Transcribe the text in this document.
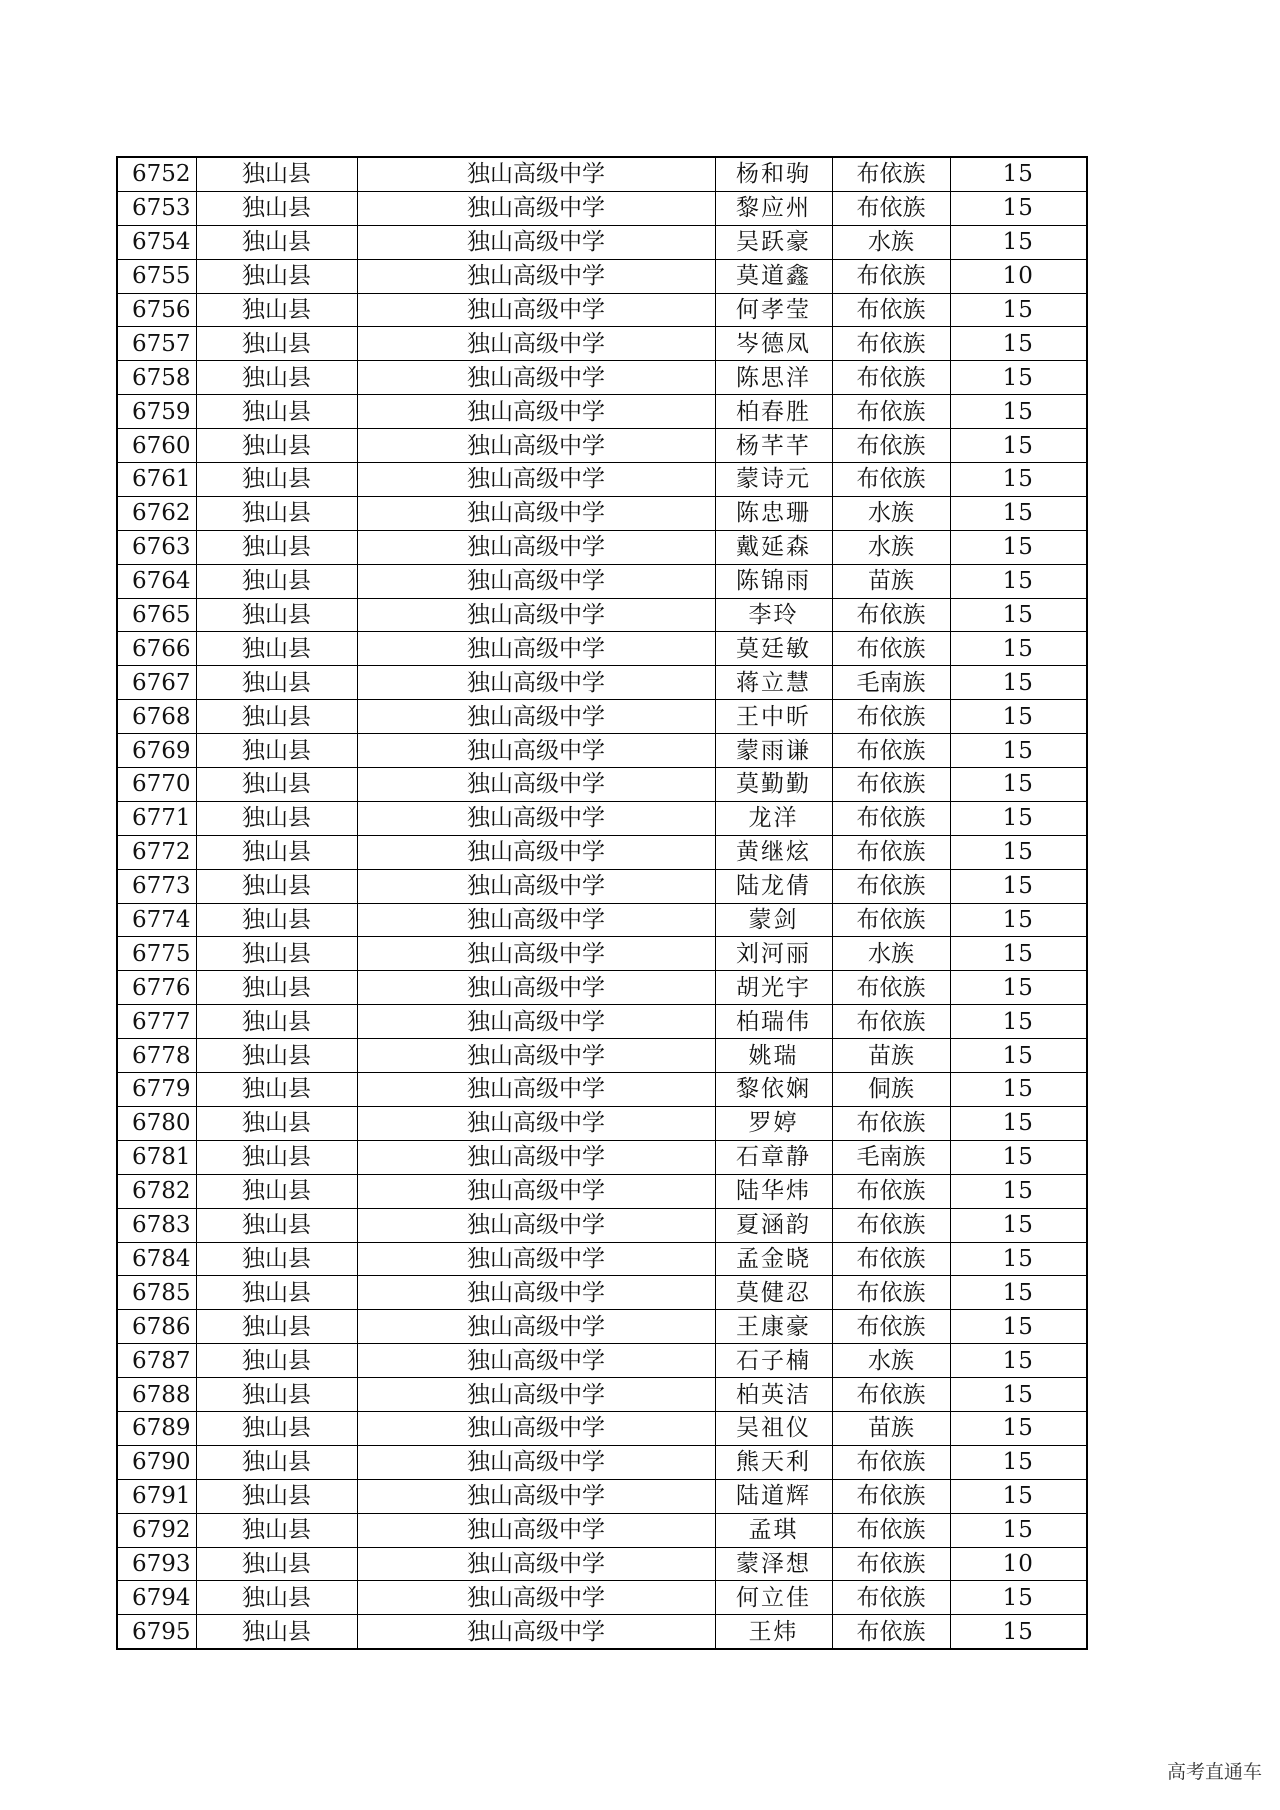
6752	独山县	独山高级中学	杨和驹	布依族	15
6753	独山县	独山高级中学	黎应州	布依族	15
6754	独山县	独山高级中学	吴跃豪	水族	15
6755	独山县	独山高级中学	莫道鑫	布依族	10
6756	独山县	独山高级中学	何孝莹	布依族	15
6757	独山县	独山高级中学	岑德凤	布依族	15
6758	独山县	独山高级中学	陈思洋	布依族	15
6759	独山县	独山高级中学	柏春胜	布依族	15
6760	独山县	独山高级中学	杨芊芊	布依族	15
6761	独山县	独山高级中学	蒙诗元	布依族	15
6762	独山县	独山高级中学	陈忠珊	水族	15
6763	独山县	独山高级中学	戴延森	水族	15
6764	独山县	独山高级中学	陈锦雨	苗族	15
6765	独山县	独山高级中学	李玲	布依族	15
6766	独山县	独山高级中学	莫廷敏	布依族	15
6767	独山县	独山高级中学	蒋立慧	毛南族	15
6768	独山县	独山高级中学	王中昕	布依族	15
6769	独山县	独山高级中学	蒙雨谦	布依族	15
6770	独山县	独山高级中学	莫勤勤	布依族	15
6771	独山县	独山高级中学	龙洋	布依族	15
6772	独山县	独山高级中学	黄继炫	布依族	15
6773	独山县	独山高级中学	陆龙倩	布依族	15
6774	独山县	独山高级中学	蒙剑	布依族	15
6775	独山县	独山高级中学	刘河丽	水族	15
6776	独山县	独山高级中学	胡光宇	布依族	15
6777	独山县	独山高级中学	柏瑞伟	布依族	15
6778	独山县	独山高级中学	姚瑞	苗族	15
6779	独山县	独山高级中学	黎依娴	侗族	15
6780	独山县	独山高级中学	罗婷	布依族	15
6781	独山县	独山高级中学	石章静	毛南族	15
6782	独山县	独山高级中学	陆华炜	布依族	15
6783	独山县	独山高级中学	夏涵韵	布依族	15
6784	独山县	独山高级中学	孟金晓	布依族	15
6785	独山县	独山高级中学	莫健忍	布依族	15
6786	独山县	独山高级中学	王康豪	布依族	15
6787	独山县	独山高级中学	石子楠	水族	15
6788	独山县	独山高级中学	柏英洁	布依族	15
6789	独山县	独山高级中学	吴祖仪	苗族	15
6790	独山县	独山高级中学	熊天利	布依族	15
6791	独山县	独山高级中学	陆道辉	布依族	15
6792	独山县	独山高级中学	孟琪	布依族	15
6793	独山县	独山高级中学	蒙泽想	布依族	10
6794	独山县	独山高级中学	何立佳	布依族	15
6795	独山县	独山高级中学	王炜	布依族	15
高考直通车
